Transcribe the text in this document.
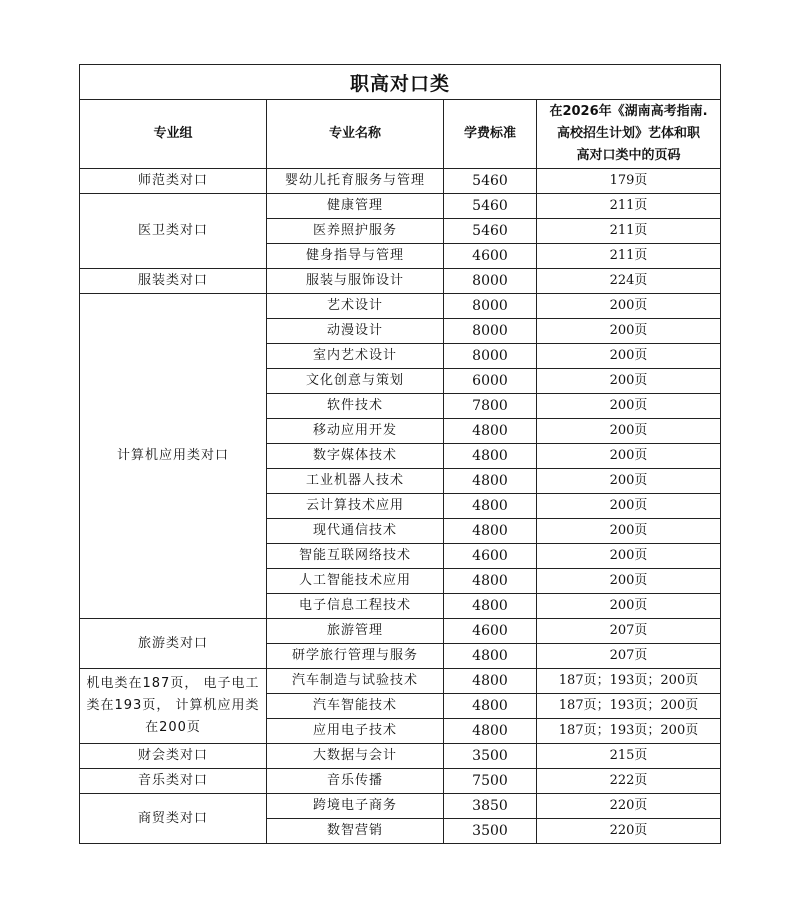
职高对口类			
专业组	专业名称	学费标准	在2026年《湖南高考指南.
高校招生计划》艺体和职
高对口类中的页码
师范类对口	婴幼儿托育服务与管理	5460	179页
医卫类对口	健康管理	5460	211页
	医养照护服务	5460	211页
	健身指导与管理	4600	211页
服装类对口	服装与服饰设计	8000	224页
计算机应用类对口	艺术设计	8000	200页
	动漫设计	8000	200页
	室内艺术设计	8000	200页
	文化创意与策划	6000	200页
	软件技术	7800	200页
	移动应用开发	4800	200页
	数字媒体技术	4800	200页
	工业机器人技术	4800	200页
	云计算技术应用	4800	200页
	现代通信技术	4800	200页
	智能互联网络技术	4600	200页
	人工智能技术应用	4800	200页
	电子信息工程技术	4800	200页
旅游类对口	旅游管理	4600	207页
	研学旅行管理与服务	4800	207页
机电类在187页， 电子电工类在193页， 计算机应用类在200页	汽车制造与试验技术	4800	187页；193页；200页
	汽车智能技术	4800	187页；193页；200页
	应用电子技术	4800	187页；193页；200页
财会类对口	大数据与会计	3500	215页
音乐类对口	音乐传播	7500	222页
商贸类对口	跨境电子商务	3850	220页
	数智营销	3500	220页
